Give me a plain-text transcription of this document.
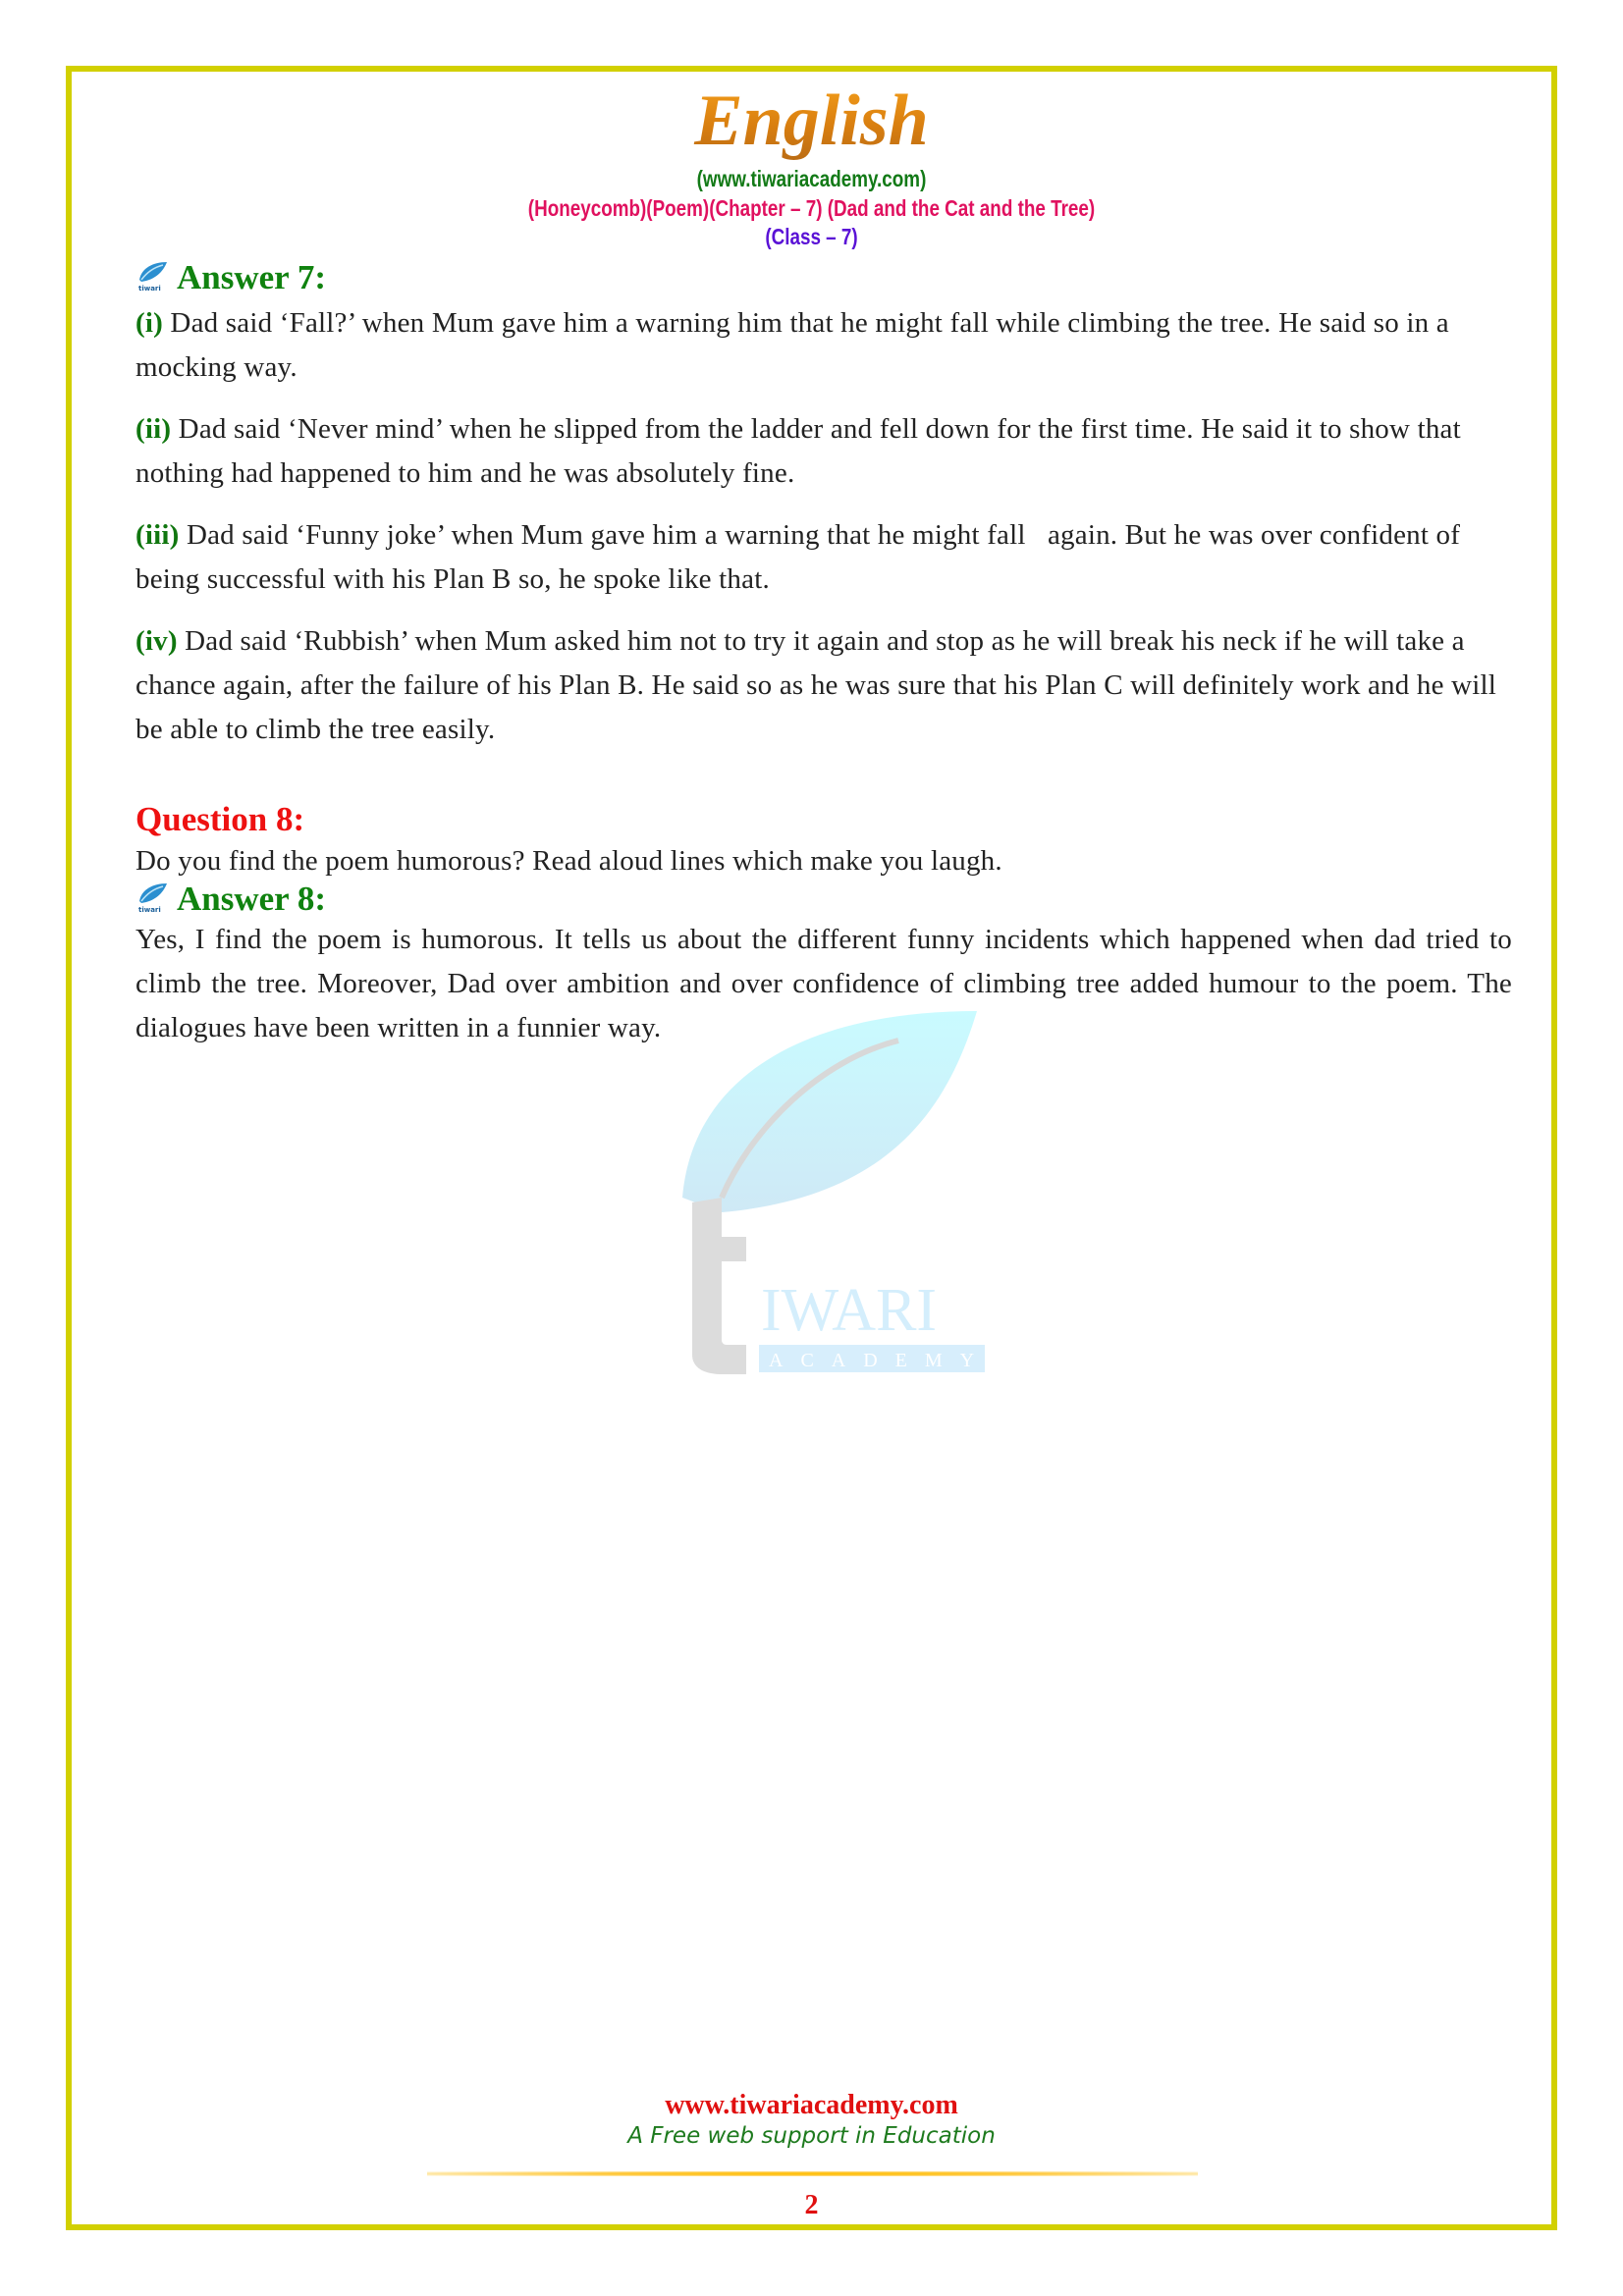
English
(www.tiwariacademy.com)
(Honeycomb)(Poem)(Chapter – 7) (Dad and the Cat and the Tree)
(Class – 7)
IWARI
ACADEMY
tiwari Answer 7:
(i) Dad said ‘Fall?’ when Mum gave him a warning him that he might fall while climbing the tree. He said so in a mocking way.
(ii) Dad said ‘Never mind’ when he slipped from the ladder and fell down for the first time. He said it to show that nothing had happened to him and he was absolutely fine.
(iii) Dad said ‘Funny joke’ when Mum gave him a warning that he might fall   again. But he was over confident of being successful with his Plan B so, he spoke like that.
(iv) Dad said ‘Rubbish’ when Mum asked him not to try it again and stop as he will break his neck if he will take a chance again, after the failure of his Plan B. He said so as he was sure that his Plan C will definitely work and he will be able to climb the tree easily.
Question 8:
Do you find the poem humorous? Read aloud lines which make you laugh.
tiwari Answer 8:
Yes, I find the poem is humorous. It tells us about the different funny incidents which happened when dad tried to climb the tree. Moreover, Dad over ambition and over confidence of climbing tree added humour to the poem. The dialogues have been written in a funnier way.
www.tiwariacademy.com
A Free web support in Education
2
